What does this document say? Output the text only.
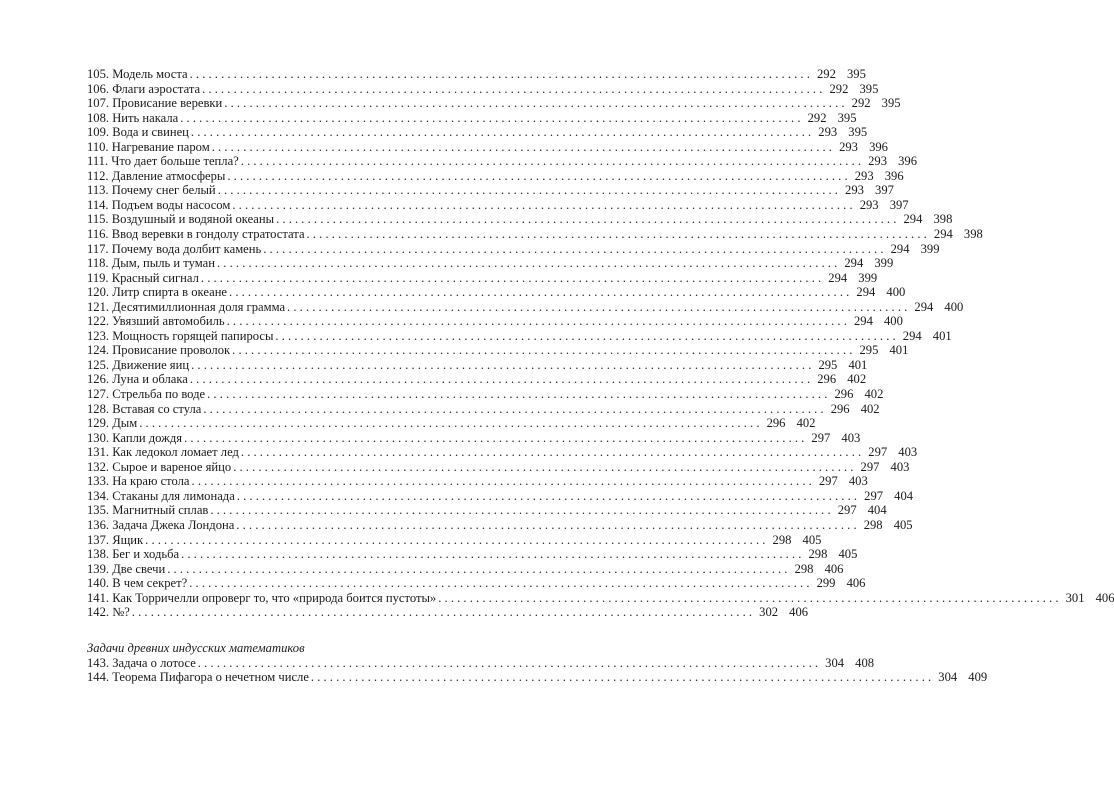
105. Модель моста . . .	292 395
106. Флаги аэростата . . .	292 395
107. Провисание веревки . . .	292 395
108. Нить накала . . .	292 395
109. Вода и свинец . . .	293 395
110. Нагревание паром . . .	293 396
111. Что дает больше тепла? . . .	293 396
112. Давление атмосферы . . .	293 396
113. Почему снег белый . . .	293 397
114. Подъем воды насосом . . .	293 397
115. Воздушный и водяной океаны . . .	294 398
116. Ввод веревки в гондолу стратостата . . .	294 398
117. Почему вода долбит камень . . .	294 399
118. Дым, пыль и туман . . .	294 399
119. Красный сигнал . . .	294 399
120. Литр спирта в океане . . .	294 400
121. Десятимиллионная доля грамма . . .	294 400
122. Увязший автомобиль . . .	294 400
123. Мощность горящей папиросы . . .	294 401
124. Провисание проволок . . .	295 401
125. Движение яиц . . .	295 401
126. Луна и облака . . .	296 402
127. Стрельба по воде . . .	296 402
128. Вставая со стула . . .	296 402
129. Дым . . .	296 402
130. Капли дождя . . .	297 403
131. Как ледокол ломает лед . . .	297 403
132. Сырое и вареное яйцо . . .	297 403
133. На краю стола . . .	297 403
134. Стаканы для лимонада . . .	297 404
135. Магнитный сплав . . .	297 404
136. Задача Джека Лондона . . .	298 405
137. Ящик . . .	298 405
138. Бег и ходьба . . .	298 405
139. Две свечи . . .	298 406
140. В чем секрет? . . .	299 406
141. Как Торричелли опроверг то, что «природа боится пустоты» . . .	301 406
142. №? . . .	302 406
Задачи древних индусских математиков
143. Задача о лотосе . . .	304 408
144. Теорема Пифагора о нечетном числе . . .	304 409
